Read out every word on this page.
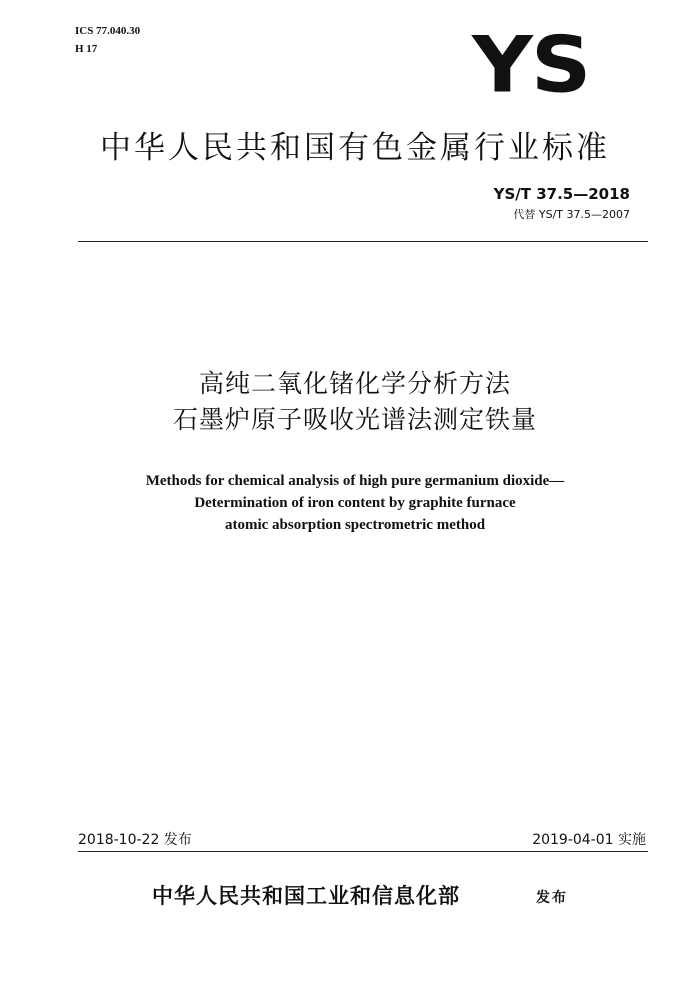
ICS 77.040.30
H 17	YS
中华人民共和国有色金属行业标准
YS/T 37.5—2018
代替 YS/T 37.5—2007
高纯二氧化锗化学分析方法
石墨炉原子吸收光谱法测定铁量
Methods for chemical analysis of high pure germanium dioxide—
Determination of iron content by graphite furnace
atomic absorption spectrometric method
2018-10-22 发布	2019-04-01 实施
中华人民共和国工业和信息化部	发布
